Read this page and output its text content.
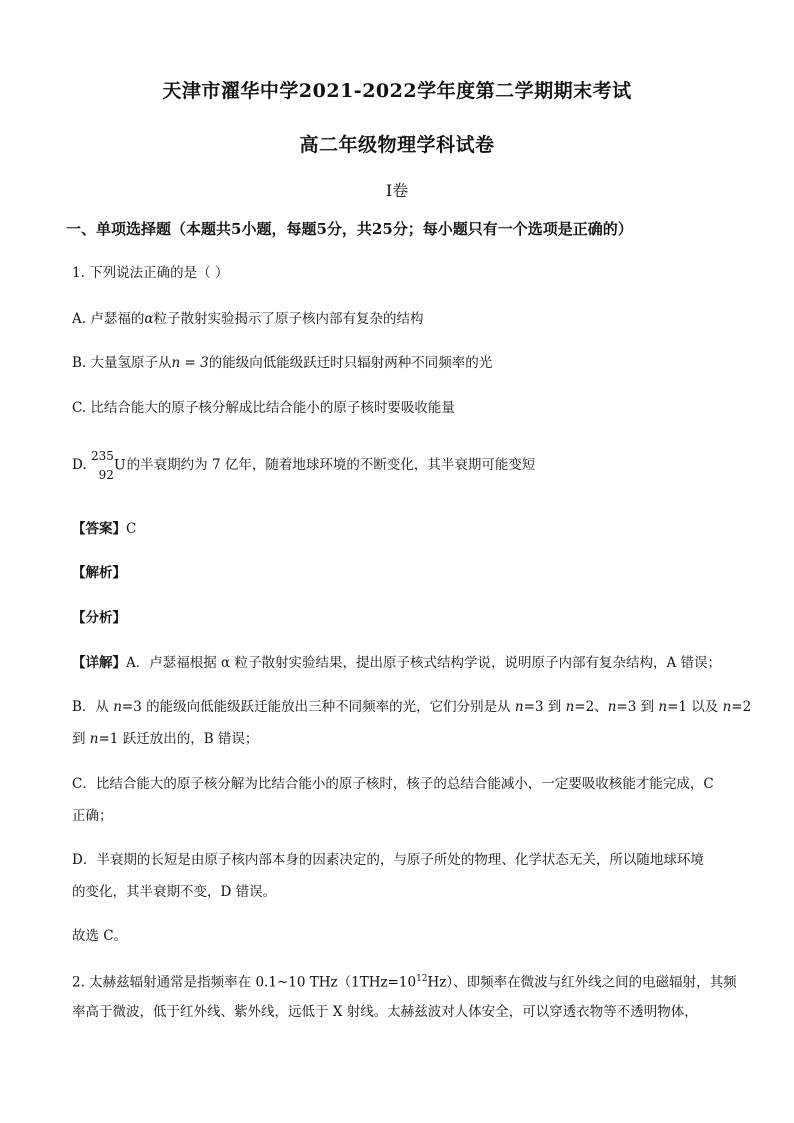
天津市濯华中学2021-2022学年度第二学期期末考试
高二年级物理学科试卷
I卷
一、单项选择题（本题共5小题，每题5分，共25分；每小题只有一个选项是正确的）
1. 下列说法正确的是（ ）
A. 卢瑟福的α粒子散射实验揭示了原子核内部有复杂的结构
B. 大量氢原子从n = 3的能级向低能级跃迁时只辐射两种不同频率的光
C. 比结合能大的原子核分解成比结合能小的原子核时要吸收能量
D.
235
92
U的半衰期约为 7 亿年，随着地球环境的不断变化，其半衰期可能变短
【答案】C
【解析】
【分析】
【详解】A．卢瑟福根据 α 粒子散射实验结果，提出原子核式结构学说，说明原子内部有复杂结构，A 错误；
B．从 n=3 的能级向低能级跃迁能放出三种不同频率的光，它们分别是从 n=3 到 n=2、n=3 到 n=1 以及 n=2
到 n=1 跃迁放出的，B 错误；
C．比结合能大的原子核分解为比结合能小的原子核时，核子的总结合能减小，一定要吸收核能才能完成，C
正确；
D．半衰期的长短是由原子核内部本身的因素决定的，与原子所处的物理、化学状态无关，所以随地球环境
的变化，其半衰期不变，D 错误。
故选 C。
2. 太赫兹辐射通常是指频率在 0.1~10 $THz(1THz=10^{12}Hz)$、即频率在微波与红外线之间的电磁辐射，其频
率高于微波，低于红外线、紫外线，远低于 X 射线。太赫兹波对人体安全，可以穿透衣物等不透明物体，
